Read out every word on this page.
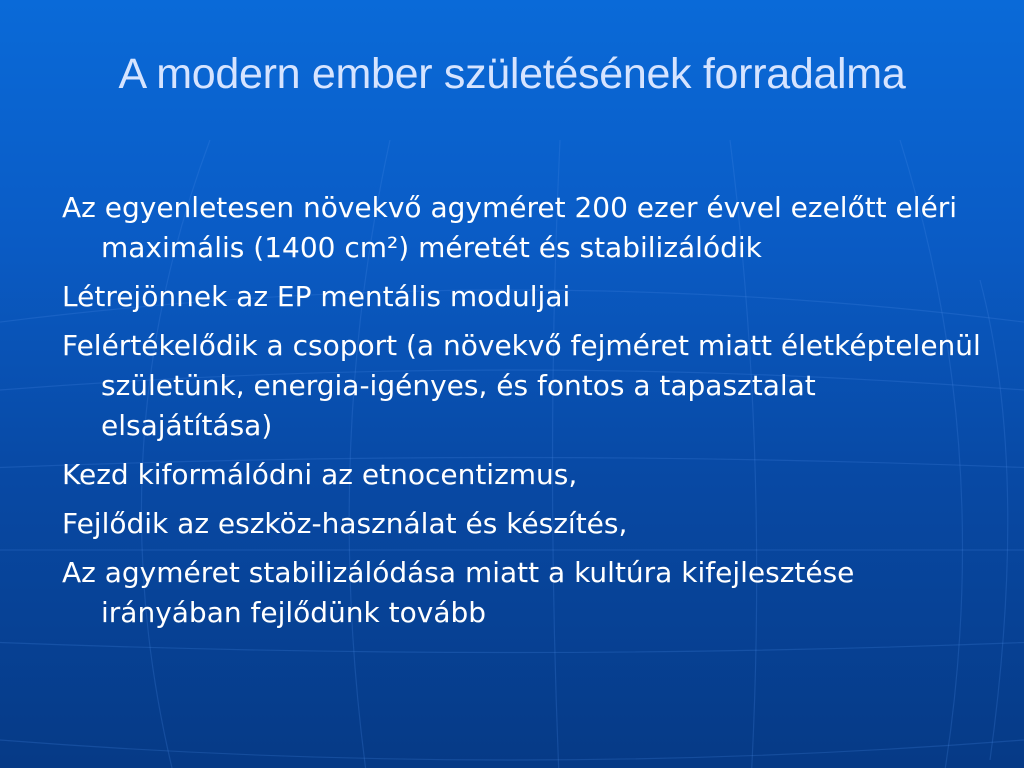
A modern ember születésének forradalma
Az egyenletesen növekvő agyméret 200 ezer évvel ezelőtt eléri maximális (1400 cm²) méretét és stabilizálódik
Létrejönnek az EP mentális moduljai
Felértékelődik a csoport (a növekvő fejméret miatt életképtelenül születünk, energia-igényes, és fontos a tapasztalat elsajátítása)
Kezd kiformálódni az etnocentizmus,
Fejlődik az eszköz-használat és készítés,
Az agyméret stabilizálódása miatt a kultúra kifejlesztése irányában fejlődünk tovább
